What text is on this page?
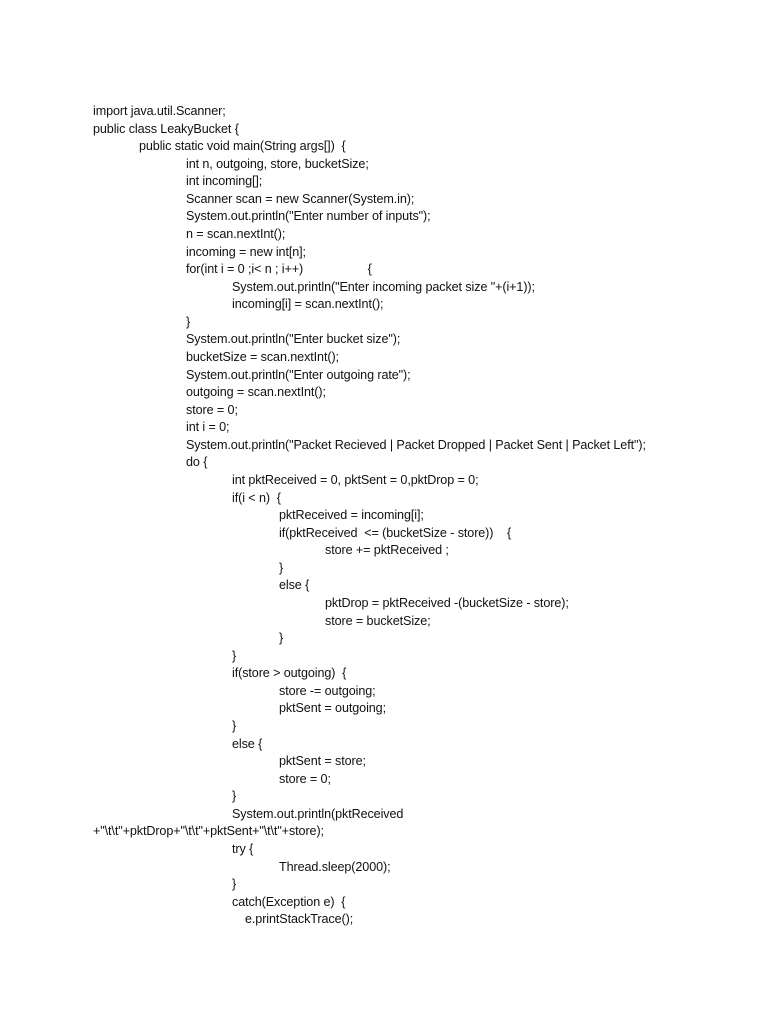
import java.util.Scanner;
public class LeakyBucket {
public static void main(String args[])  {
int n, outgoing, store, bucketSize;
int incoming[];
Scanner scan = new Scanner(System.in);
System.out.println("Enter number of inputs");
n = scan.nextInt();
incoming = new int[n];
for(int i = 0 ;i< n ; i++)                   {
System.out.println("Enter incoming packet size "+(i+1));
incoming[i] = scan.nextInt();
}
System.out.println("Enter bucket size");
bucketSize = scan.nextInt();
System.out.println("Enter outgoing rate");
outgoing = scan.nextInt();
store = 0;
int i = 0;
System.out.println("Packet Recieved | Packet Dropped | Packet Sent | Packet Left");
do {
int pktReceived = 0, pktSent = 0,pktDrop = 0;
if(i < n)  {
pktReceived = incoming[i];
if(pktReceived  <= (bucketSize - store))    {
store += pktReceived ;
}
else {
pktDrop = pktReceived -(bucketSize - store);
store = bucketSize;
}
}
if(store > outgoing)  {
store -= outgoing;
pktSent = outgoing;
}
else {
pktSent = store;
store = 0;
}
System.out.println(pktReceived
+"\t\t"+pktDrop+"\t\t"+pktSent+"\t\t"+store);
try {
Thread.sleep(2000);
}
catch(Exception e)  {
e.printStackTrace();
